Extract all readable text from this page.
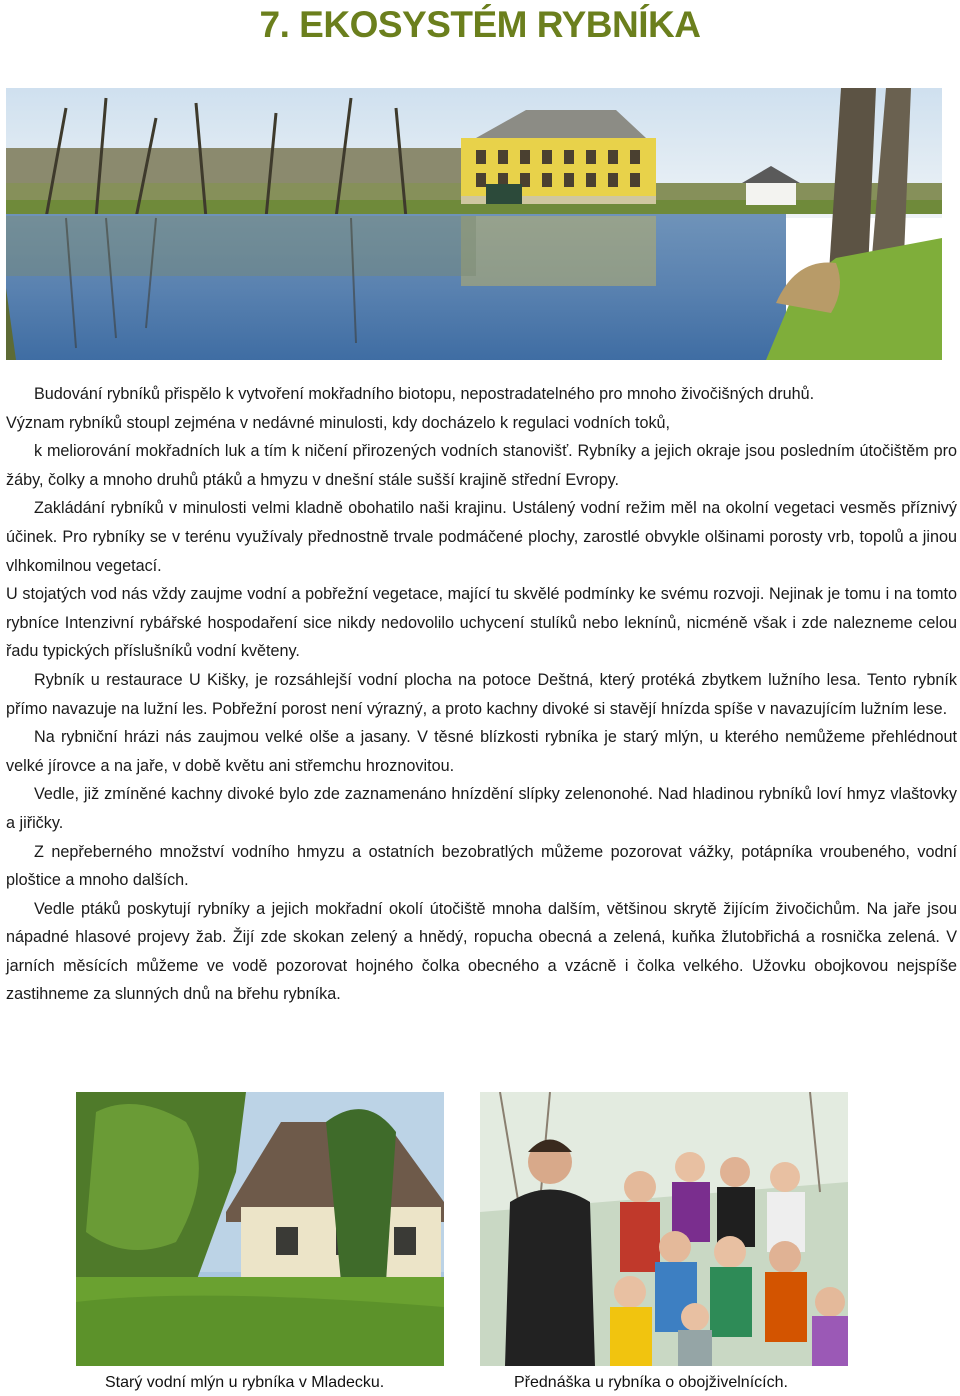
7. EKOSYSTÉM RYBNÍKA

Budování rybníků přispělo k vytvoření mokřadního biotopu, nepostradatelného pro mnoho živočišných druhů.

Význam rybníků stoupl zejména v nedávné minulosti, kdy docházelo k regulaci vodních toků,

k meliorování mokřadních luk a tím k ničení přirozených vodních stanovišť. Rybníky a jejich okraje jsou posledním útočištěm pro žáby, čolky a mnoho druhů ptáků a hmyzu v dnešní stále sušší krajině střední Evropy.

Zakládání rybníků v minulosti velmi kladně obohatilo naši krajinu. Ustálený vodní režim měl na okolní vegetaci vesměs příznivý účinek. Pro rybníky se v terénu využívaly přednostně trvale podmáčené plochy, zarostlé obvykle olšinami porosty vrb, topolů a jinou vlhkomilnou vegetací.

U stojatých vod nás vždy zaujme vodní a pobřežní vegetace, mající tu skvělé podmínky ke svému rozvoji. Nejinak je tomu i na tomto rybníce Intenzivní rybářské hospodaření sice nikdy nedovolilo uchycení stulíků nebo leknínů, nicméně však i zde nalezneme celou řadu typických příslušníků vodní květeny.

Rybník u restaurace U Kišky, je rozsáhlejší vodní plocha na potoce Deštná, který protéká zbytkem lužního lesa. Tento rybník přímo navazuje na lužní les. Pobřežní porost není výrazný, a proto kachny divoké si stavějí hnízda spíše v navazujícím lužním lese.

Na rybniční hrázi nás zaujmou velké olše a jasany. V těsné blízkosti rybníka je starý mlýn, u kterého nemůžeme přehlédnout velké jírovce a na jaře, v době květu ani střemchu hroznovitou.

Vedle, již zmíněné kachny divoké bylo zde zaznamenáno hnízdění slípky zelenonohé. Nad hladinou rybníků loví hmyz vlaštovky a jiřičky.

Z nepřeberného množství vodního hmyzu a ostatních bezobratlých můžeme pozorovat vážky, potápníka vroubeného, vodní ploštice a mnoho dalších.

Vedle ptáků poskytují rybníky a jejich mokřadní okolí útočiště mnoha dalším, většinou skrytě žijícím živočichům. Na jaře jsou nápadné hlasové projevy žab. Žijí zde skokan zelený a hnědý, ropucha obecná a zelená, kuňka žlutobřichá a rosnička zelená. V jarních měsících můžeme ve vodě pozorovat hojného čolka obecného a vzácně i čolka velkého. Užovku obojkovou nejspíše zastihneme za slunných dnů na břehu rybníka.

Starý vodní mlýn u rybníka v Mladecku.	Přednáška u rybníka o obojživelnících.
